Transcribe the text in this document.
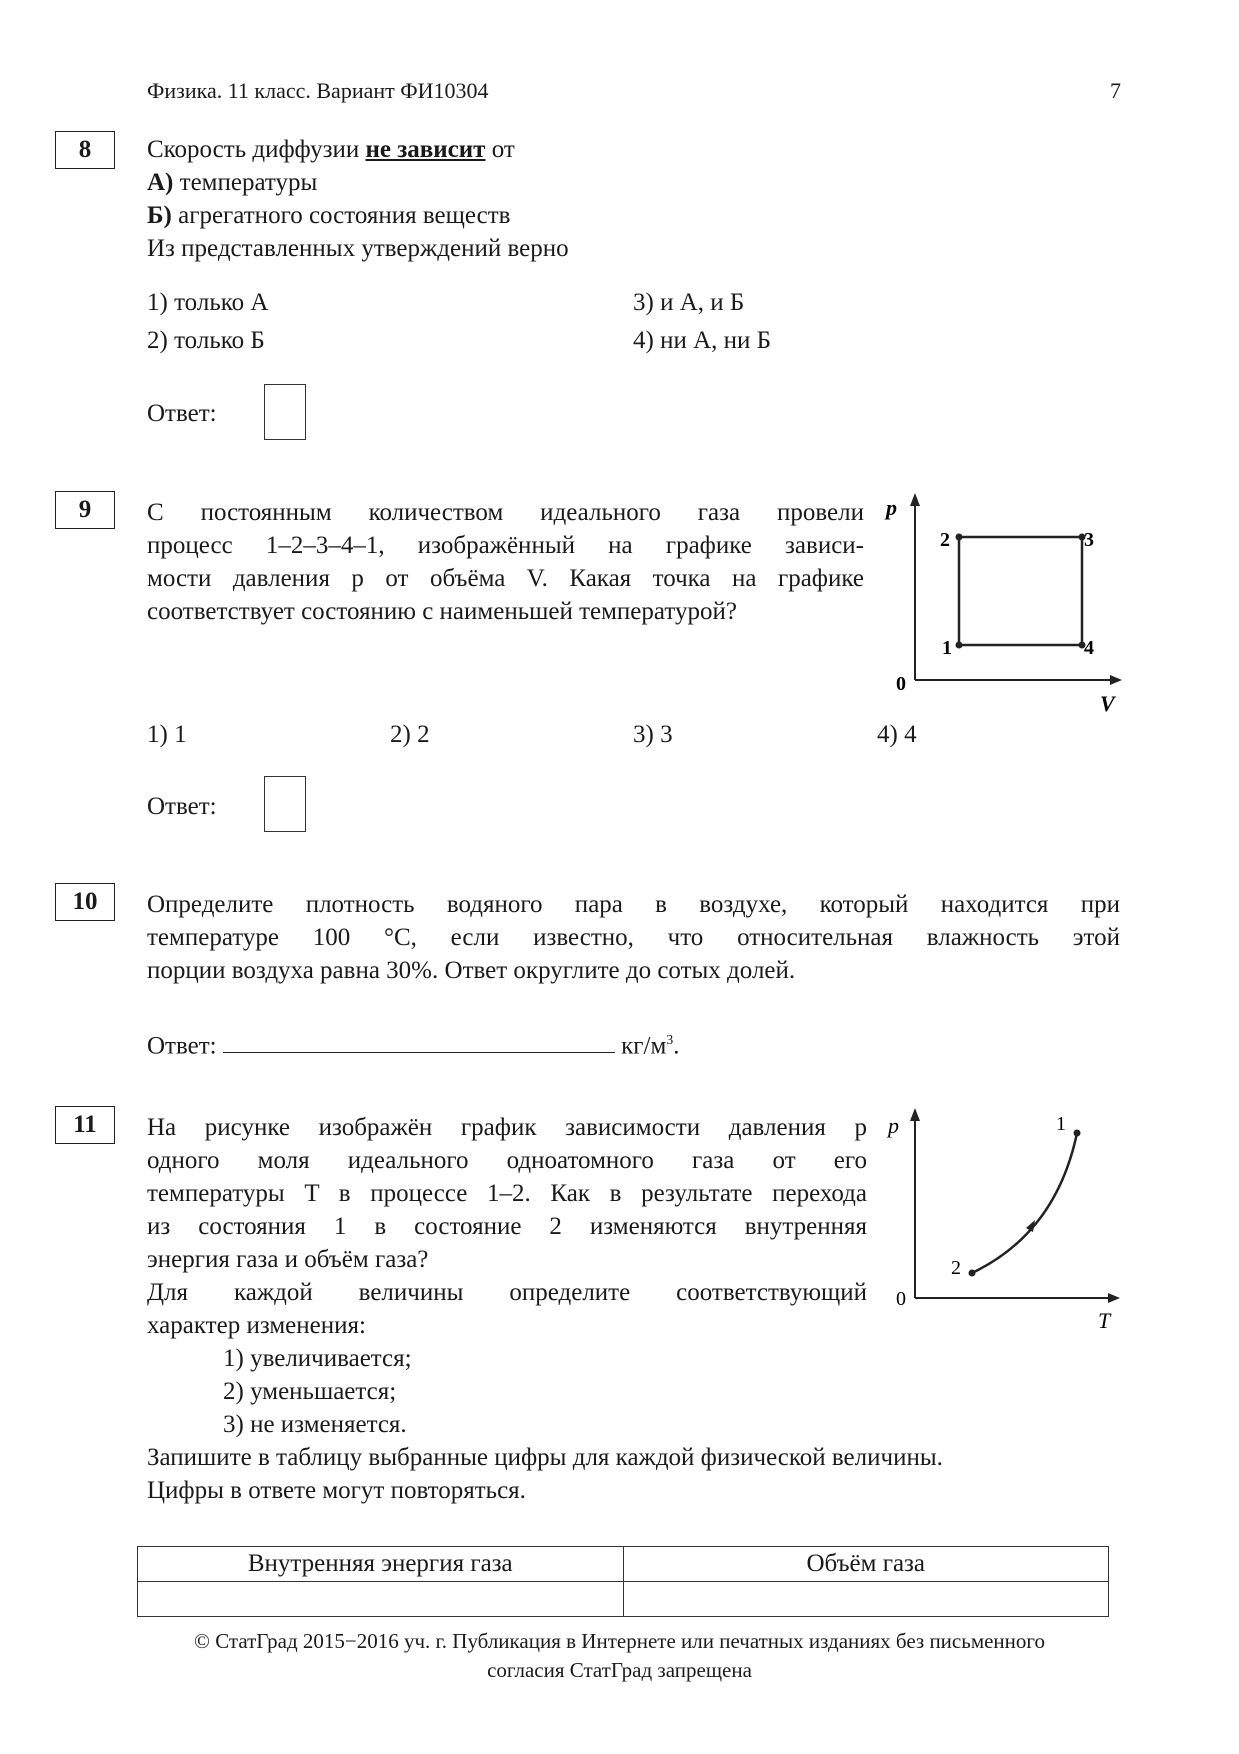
Физика. 11 класс. Вариант ФИ10304	7
8	Скорость диффузии не зависит от
А) температуры
Б) агрегатного состояния веществ
Из представленных утверждений верно
1) только А
2) только Б
3) и А, и Б
4) ни А, ни Б
Ответ:
9	С постоянным количеством идеального газа провели
процесс 1–2–3–4–1, изображённый на графике зависи-
мости давления p от объёма V. Какая точка на графике
соответствует состоянию с наименьшей температурой?
p
V
0
1
2	3
4
1) 1	2) 2	3) 3	4) 4
Ответ:
10	Определите плотность водяного пара в воздухе, который находится при
температуре 100 °С, если известно, что относительная влажность этой
порции воздуха равна 30%. Ответ округлите до сотых долей.
Ответ:	$кг/м^3$.
11	На рисунке изображён график зависимости давления p
одного моля идеального одноатомного газа от его
температуры T в процессе 1–2. Как в результате перехода
из состояния 1 в состояние 2 изменяются внутренняя
энергия газа и объём газа?
Для каждой величины определите соответствующий
характер изменения:
p
T
0
1
2
1) увеличивается;
2) уменьшается;
3) не изменяется.
Запишите в таблицу выбранные цифры для каждой физической величины.
Цифры в ответе могут повторяться.
Внутренняя энергия газа	Объём газа

© СтатГрад 2015−2016 уч. г. Публикация в Интернете или печатных изданиях без письменного
согласия СтатГрад запрещена
